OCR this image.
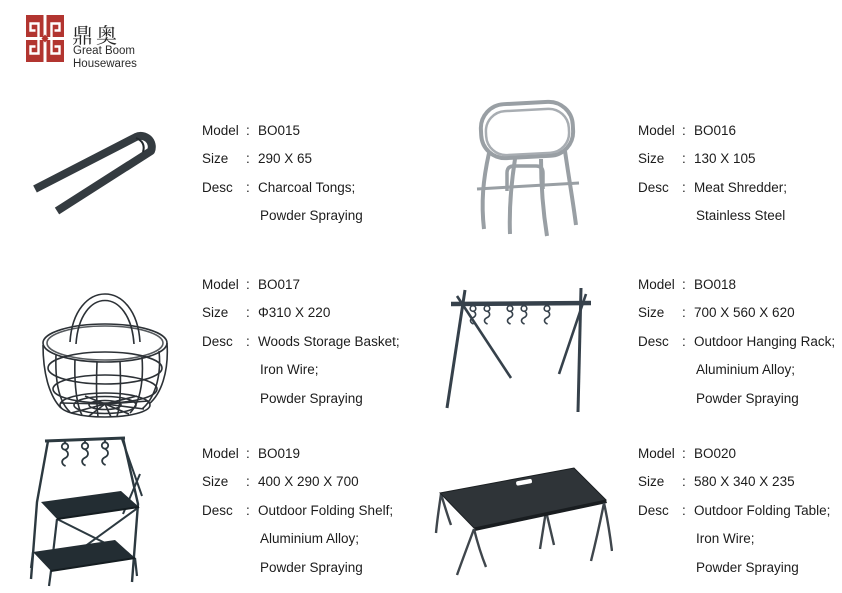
鼎奥
Great Boom
Housewares
Model : BO015
Size	: 290 X 65
Desc : Charcoal Tongs;
Powder Spraying
Model : BO016
Size	: 130 X 105
Desc : Meat Shredder;
Stainless Steel
Model : BO017
Size	: Φ310 X 220
Desc : Woods Storage Basket;
Iron Wire;
Powder Spraying
Model : BO018
Size	: 700 X 560 X 620
Desc : Outdoor Hanging Rack;
Aluminium Alloy;
Powder Spraying
Model : BO019
Size	: 400 X 290 X 700
Desc : Outdoor Folding Shelf;
Aluminium Alloy;
Powder Spraying
Model : BO020
Size	: 580 X 340 X 235
Desc : Outdoor Folding Table;
Iron Wire;
Powder Spraying
